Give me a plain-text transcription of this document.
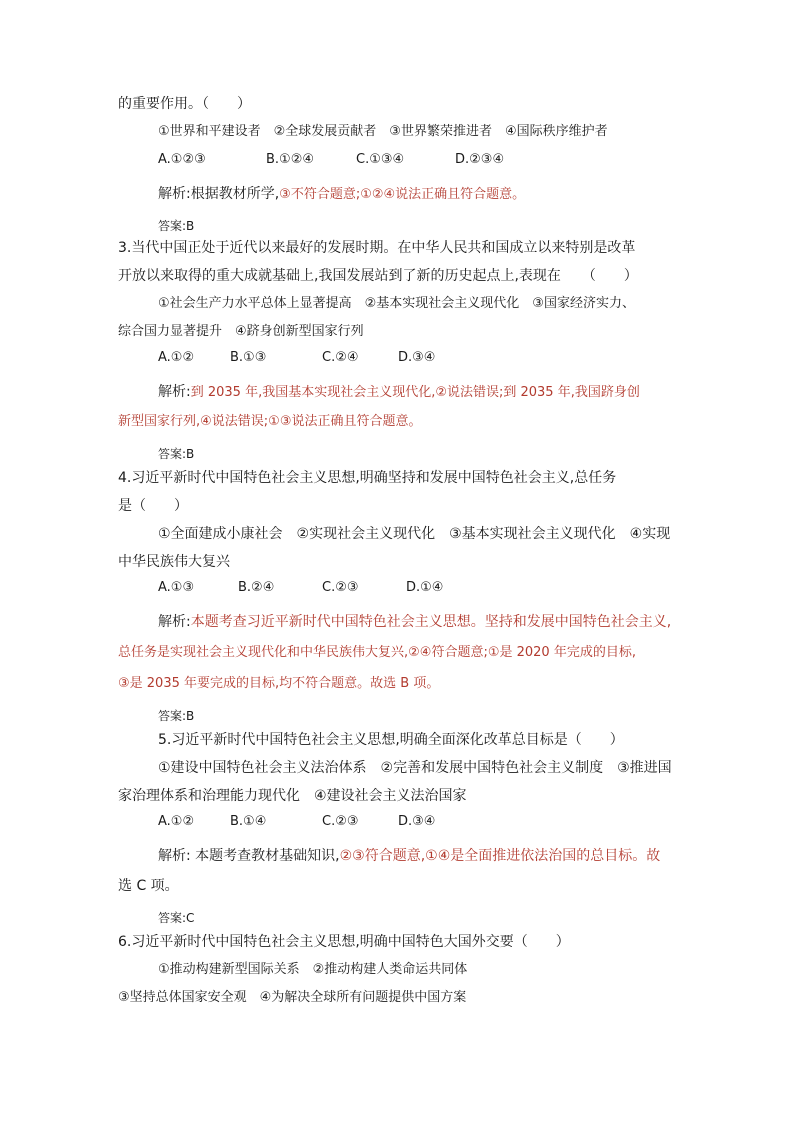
的重要作用。（　　）
①世界和平建设者　②全球发展贡献者　③世界繁荣推进者　④国际秩序维护者
A.①②③	B.①②④	C.①③④	D.②③④
解析:根据教材所学,③不符合题意;①②④说法正确且符合题意。
答案:B
3.当代中国正处于近代以来最好的发展时期。在中华人民共和国成立以来特别是改革
开放以来取得的重大成就基础上,我国发展站到了新的历史起点上,表现在　　（　　）
①社会生产力水平总体上显著提高　②基本实现社会主义现代化　③国家经济实力、
综合国力显著提升　④跻身创新型国家行列
A.①②	B.①③	C.②④	D.③④
解析:到 2035 年,我国基本实现社会主义现代化,②说法错误;到 2035 年,我国跻身创
新型国家行列,④说法错误;①③说法正确且符合题意。
答案:B
4.习近平新时代中国特色社会主义思想,明确坚持和发展中国特色社会主义,总任务
是（　　）
①全面建成小康社会　②实现社会主义现代化　③基本实现社会主义现代化　④实现
中华民族伟大复兴
A.①③	B.②④	C.②③	D.①④
解析:本题考查习近平新时代中国特色社会主义思想。坚持和发展中国特色社会主义,
总任务是实现社会主义现代化和中华民族伟大复兴,②④符合题意;①是 2020 年完成的目标,
③是 2035 年要完成的目标,均不符合题意。故选 B 项。
答案:B
5.习近平新时代中国特色社会主义思想,明确全面深化改革总目标是（　　）
①建设中国特色社会主义法治体系　②完善和发展中国特色社会主义制度　③推进国
家治理体系和治理能力现代化　④建设社会主义法治国家
A.①②	B.①④	C.②③	D.③④
解析: 本题考查教材基础知识,②③符合题意,①④是全面推进依法治国的总目标。故
选 C 项。
答案:C
6.习近平新时代中国特色社会主义思想,明确中国特色大国外交要（　　）
①推动构建新型国际关系　②推动构建人类命运共同体
③坚持总体国家安全观　④为解决全球所有问题提供中国方案
